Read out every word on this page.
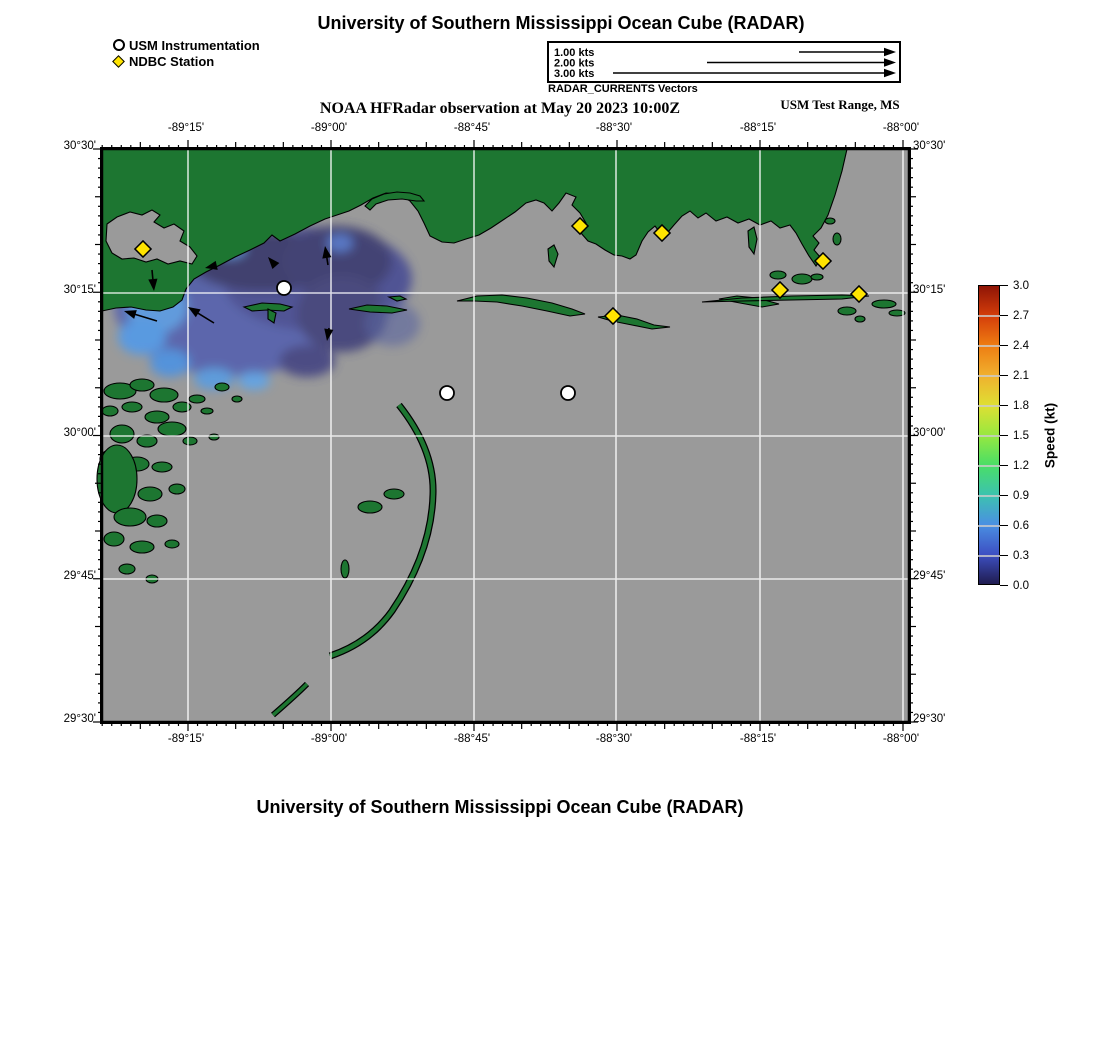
University of Southern Mississippi Ocean Cube (RADAR)
USM Instrumentation
NDBC Station
1.00 kts
2.00 kts
3.00 kts
RADAR_CURRENTS Vectors
NOAA HFRadar observation at May 20 2023 10:00Z	USM Test Range, MS
-89°15'
-89°15'
-89°00'
-89°00'
-88°45'
-88°45'
-88°30'
-88°30'
-88°15'
-88°15'
-88°00'
-88°00'
30°30'	30°30'
30°15'	30°15'
30°00'	30°00'
29°45'	29°45'
29°30'	29°30'
3.0
2.7
2.4
2.1
1.8
1.5
1.2
0.9
0.6
0.3
0.0
Speed (kt)
University of Southern Mississippi Ocean Cube (RADAR)
